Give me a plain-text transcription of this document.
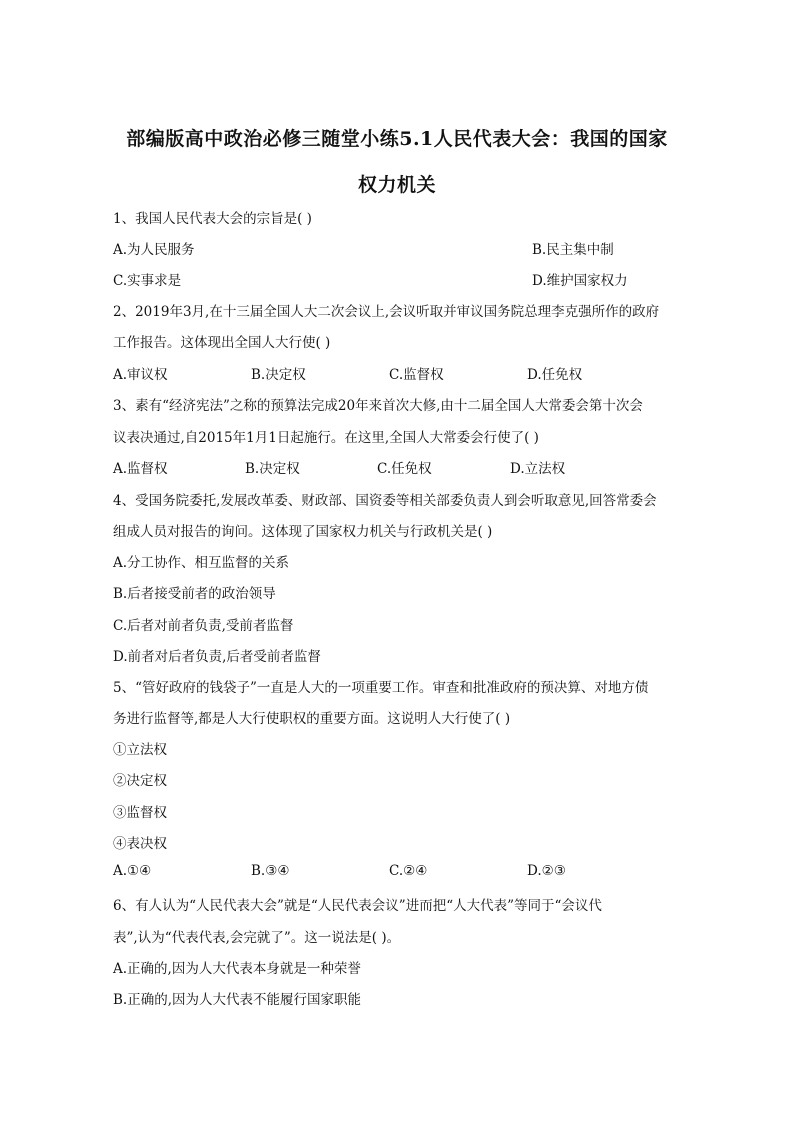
部编版高中政治必修三随堂小练5.1人民代表大会：我国的国家
权力机关
1、我国人民代表大会的宗旨是( )
A.为人民服务	B.民主集中制
C.实事求是	D.维护国家权力
2、2019年3月,在十三届全国人大二次会议上,会议听取并审议国务院总理李克强所作的政府
工作报告。这体现出全国人大行使( )
A.审议权	B.决定权	C.监督权	D.任免权
3、素有“经济宪法”之称的预算法完成20年来首次大修,由十二届全国人大常委会第十次会
议表决通过,自2015年1月1日起施行。在这里,全国人大常委会行使了( )
A.监督权	B.决定权	C.任免权	D.立法权
4、受国务院委托,发展改革委、财政部、国资委等相关部委负责人到会听取意见,回答常委会
组成人员对报告的询问。这体现了国家权力机关与行政机关是( )
A.分工协作、相互监督的关系
B.后者接受前者的政治领导
C.后者对前者负责,受前者监督
D.前者对后者负责,后者受前者监督
5、“管好政府的钱袋子”一直是人大的一项重要工作。审查和批准政府的预决算、对地方债
务进行监督等,都是人大行使职权的重要方面。这说明人大行使了( )
①立法权
②决定权
③监督权
④表决权
A.①④	B.③④	C.②④	D.②③
6、有人认为“人民代表大会”就是“人民代表会议”进而把“人大代表”等同于“会议代
表”,认为“代表代表,会完就了”。这一说法是( )。
A.正确的,因为人大代表本身就是一种荣誉
B.正确的,因为人大代表不能履行国家职能
